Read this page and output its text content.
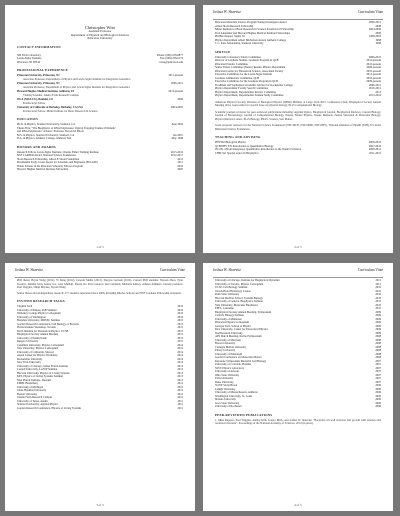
Christopher Wise
Assistant Professor
Department of Physical and Biological Sciences
Princeton University
CONTACT INFORMATION
300 Frick Laboratory
Lewis-Sigler Institute
Princeton, NJ 08544
Phone: (609) 258-6877
Fax: (609) 258-6175
cwise@princeton.edu
PROFESSIONAL EXPERIENCE
Princeton University, Princeton, NJ	2011-present
Associate Professor, Department of Physics and Lewis-Sigler Institute for Integrative Genomics
Princeton University, Princeton, NJ	2006-2011
Assistant Professor, Department of Physics and Lewis-Sigler Institute for Integrative Genomics
Howard Hughes Medical Institute, Ashburn, VA	2014-present
Visiting Scientist, Janelia Farm Research Campus
JILA (NIST-CU), Boulder, CO	2006
Postdoctoral Fellow
University of California at Berkeley, Berkeley, CA USA	2004-2005
Postdoctoral Fellow, Miller Institute for Basic Research in Science
EDUCATION
Ph.D. in Physics, Stanford University, Stanford, CA	June 2004
Thesis Title: "The Biophysics of RNA Polymerase: Optical Trapping Studies Of Kinetic
and DNA Polymerase" Advisor: Professor Steven M. Block
M.S. in Physics, Stanford University, Stanford, CA	Jan 2001
B.A. in Physics, Amherst College, Amherst, MA	May 1998
HONORS AND AWARDS
Research Fellow, Lewis-Sigler Institute, Charles Elmer Training Institute	2015-2016
NSF CAREER Award, National Science Foundation	2012-2017
Sloan Research Fellowship, Alfred P. Sloan Foundation	2012
Presidential Early Career Award for Scientists and Engineers (PECASE)	2011
Fisher Scholar in the Princeton Scholarly Fellows Program	2010
Howard Hughes Medical Institute Fellowship	2005
1 of 5
Joshua W. Shaevitz	Curriculum Vitae
Princeton Materials Science Program Young Investigator Award	2009-2011
Alfred Sloan Research Fellowship	2008
Miller Institute for Basic Research in Science Postdoctoral Fellowship	2004-2006
Fred Alexander and Howard Hughes Medical Institute Fellowships	2000
Phi Beta Kappa; Sigma Xi	1998-2003
Physics Department Albert Michelson Award, Amherst College	1998
J. C. Kato Scholarship, Stanford University	1998
SERVICE
University Laboratory Safety Committee	2006-2010
Director of Graduate Studies, Graduate Program in QCB	2014-present
Princeton Postdoc Committee	2010-present
Senior Thesis Committee (Neuro) Reader, Physics Department	2006-present
Princeton Center for Theoretical Science, Associated Faculty	2010-present
Executive Committee for the Lewis-Sigler Institute	2013-present
Graduate Admissions Committee, QCB	2010-present
Executive Committee for the Graduate Program in QCB	2009-present
Freshman and Sophomore Academic Adviser for Rockefeller College	2006-2011
Physics Department Faculty Search Committee	2010-2011
Physics Department, Departmental Review Committee	2013
Physics Department, Departmental Student Study Committee	2015-2016
American Physical Society Division of Biological Physics (DBIO) Member at Large 2012-2015. Conference Chair, Biophysical Society Annual Meeting 2014. Guest editor for special issue on physical biology, PLoS Computational Biology.
Scientific journals reviewer for peer-reviewed publications including: Applied Optics, Biophysical Journal, Biophysical Reviews, Current Biology, Journal of Bacteriology, Journal of Computational Biology, Nature, Nature Physics, Nature Methods, Nature Structural & Molecular Biology, Physical Review Letters, PLoS Biology, PNAS, Science, Soft Matter.
Grant proposal reviewer for the National Science Foundation (NSF-MCB, NSF-DMR, NSF-PHY), National Institutes of Health (NIH), US-Israel Binational Science Foundation.
TEACHING AND ADVISING
PHY562 Biological Physics	2008-2016
QCB/PHY 570 Introduction to Quantitative Biology	2007-2016
ISC231-236 An Integrated, Quantitative Introduction to the Natural Sciences	2009-2012
CHM 5xx Special topics in Biophysics	2011-2015
2 of 5
Joshua W. Shaevitz	Curriculum Vitae
PhD thesis: Bryan Weng (2012), Yi Deng (2012), Jaswant Mehta (2013), Shreyas Gurnani (2016). Current PhD students: Yuxuan Zhou, Tyler Koutras, Jennifer Kim, Gunsu Joo, Gary Mulhall, Shawn Jia. Past postdocs: Ian Campbell, Michelle Kinsey, Ammar Adhikari. Current postdocs: Paul Wiggins, Shinji Miyake, Siyuan Wang.
Senior theses and undergraduate research: 15+ students supervised since 2006, including Rhodes Scholar and NSF Graduate Fellowship recipients.
INVITED RESEARCH TALKS
Virginia Tech	2016
University of Illinois, IGB Seminar	2016
Wellesley College Physics Colloquium	2016
University of Washington	2016
Brandeis University, MRSEC Seminar	2015
Gordon Research Conference, Cell Biology of Bacteria	2015
Fields Institute Workshop, Toronto	2015
Kavli Institute for Theoretical Physics, UCSB	2015
Biophysical Society Annual Meeting	2015
University of Pennsylvania	2015
Rutgers University	2015
Columbia University, Physics Colloquium	2014
Yale University, Physics Colloquium	2014
University of California, Merced	2014
Aspen Center for Physics Workshop	2014
Rockefeller University	2014
New York University	2014
University of Chicago, James Franck Institute	2013
Cornell University, LASSP Seminar	2013
Harvard University, Physics of Living Systems	2013
MIT, Physics of Living Systems Seminar	2013
Max Planck Institute, Dresden	2013
EMBL Heidelberg	2012
University of Michigan	2012
Johns Hopkins University	2012
Boston University	2012
Janelia Farm Research Campus	2012
University of Texas, Austin	2011
Stanford University, Applied Physics	2011
Gordon Research Conference, Physics of Living Systems	2011
3 of 5
Joshua W. Shaevitz	Curriculum Vitae
University of Chicago, Institute for Biophysical Dynamics	2011
University of Toronto, Physics Colloquium	2011
UCSF, Cell Biology Seminar	2010
Woods Hole Physiology Course	2010
Penn State University	2010
Harvard Medical School, Systems Biology	2010
University of Geneva, Biophysics Seminar	2010
Yale University, Molecular Biophysics	2010
EPFL, Lausanne	2010
Biophysical Society Annual Meeting, Symposium	2009
Caltech, Biology Seminar	2009
University of Minnesota	2009
Princeton Physics Colloquium	2009
Georgia Tech, School of Physics	2009
Rice University, Center for Theoretical Physics	2009
Northwestern University	2009
APS March Meeting, Invited Symposium	2008
University of Maryland	2008
Brown University	2008
Carnegie Mellon University	2008
Emory University	2008
University of Pittsburgh	2008
Gordon Conference on Molecular Motors	2008
Keystone Symposium, Bacterial Cell Biology	2007
University of Colorado, Boulder	2007
NIST, Physics Laboratory	2007
University of Arizona	2007
Ohio State University	2007
Tufts University	2007
Duke University	2007
SUNY Stony Brook	2006
Lehigh University	2006
University of Massachusetts, Amherst	2006
Washington University, St. Louis	2006
Indiana University	2006
Iowa State University	2006
University of Rochester	2006
PEER-REVIEWED PUBLICATIONS
1. Mike Ruppert, Paul Wiggins, Ashley Kim, Gregor Mills, and Joshua W. Shaevitz, "Bacterial cell wall structure and growth with rotation axis rotation in bacteria", Proceedings of the National Academy of Sciences, 2014 (in press).
4 of 5
